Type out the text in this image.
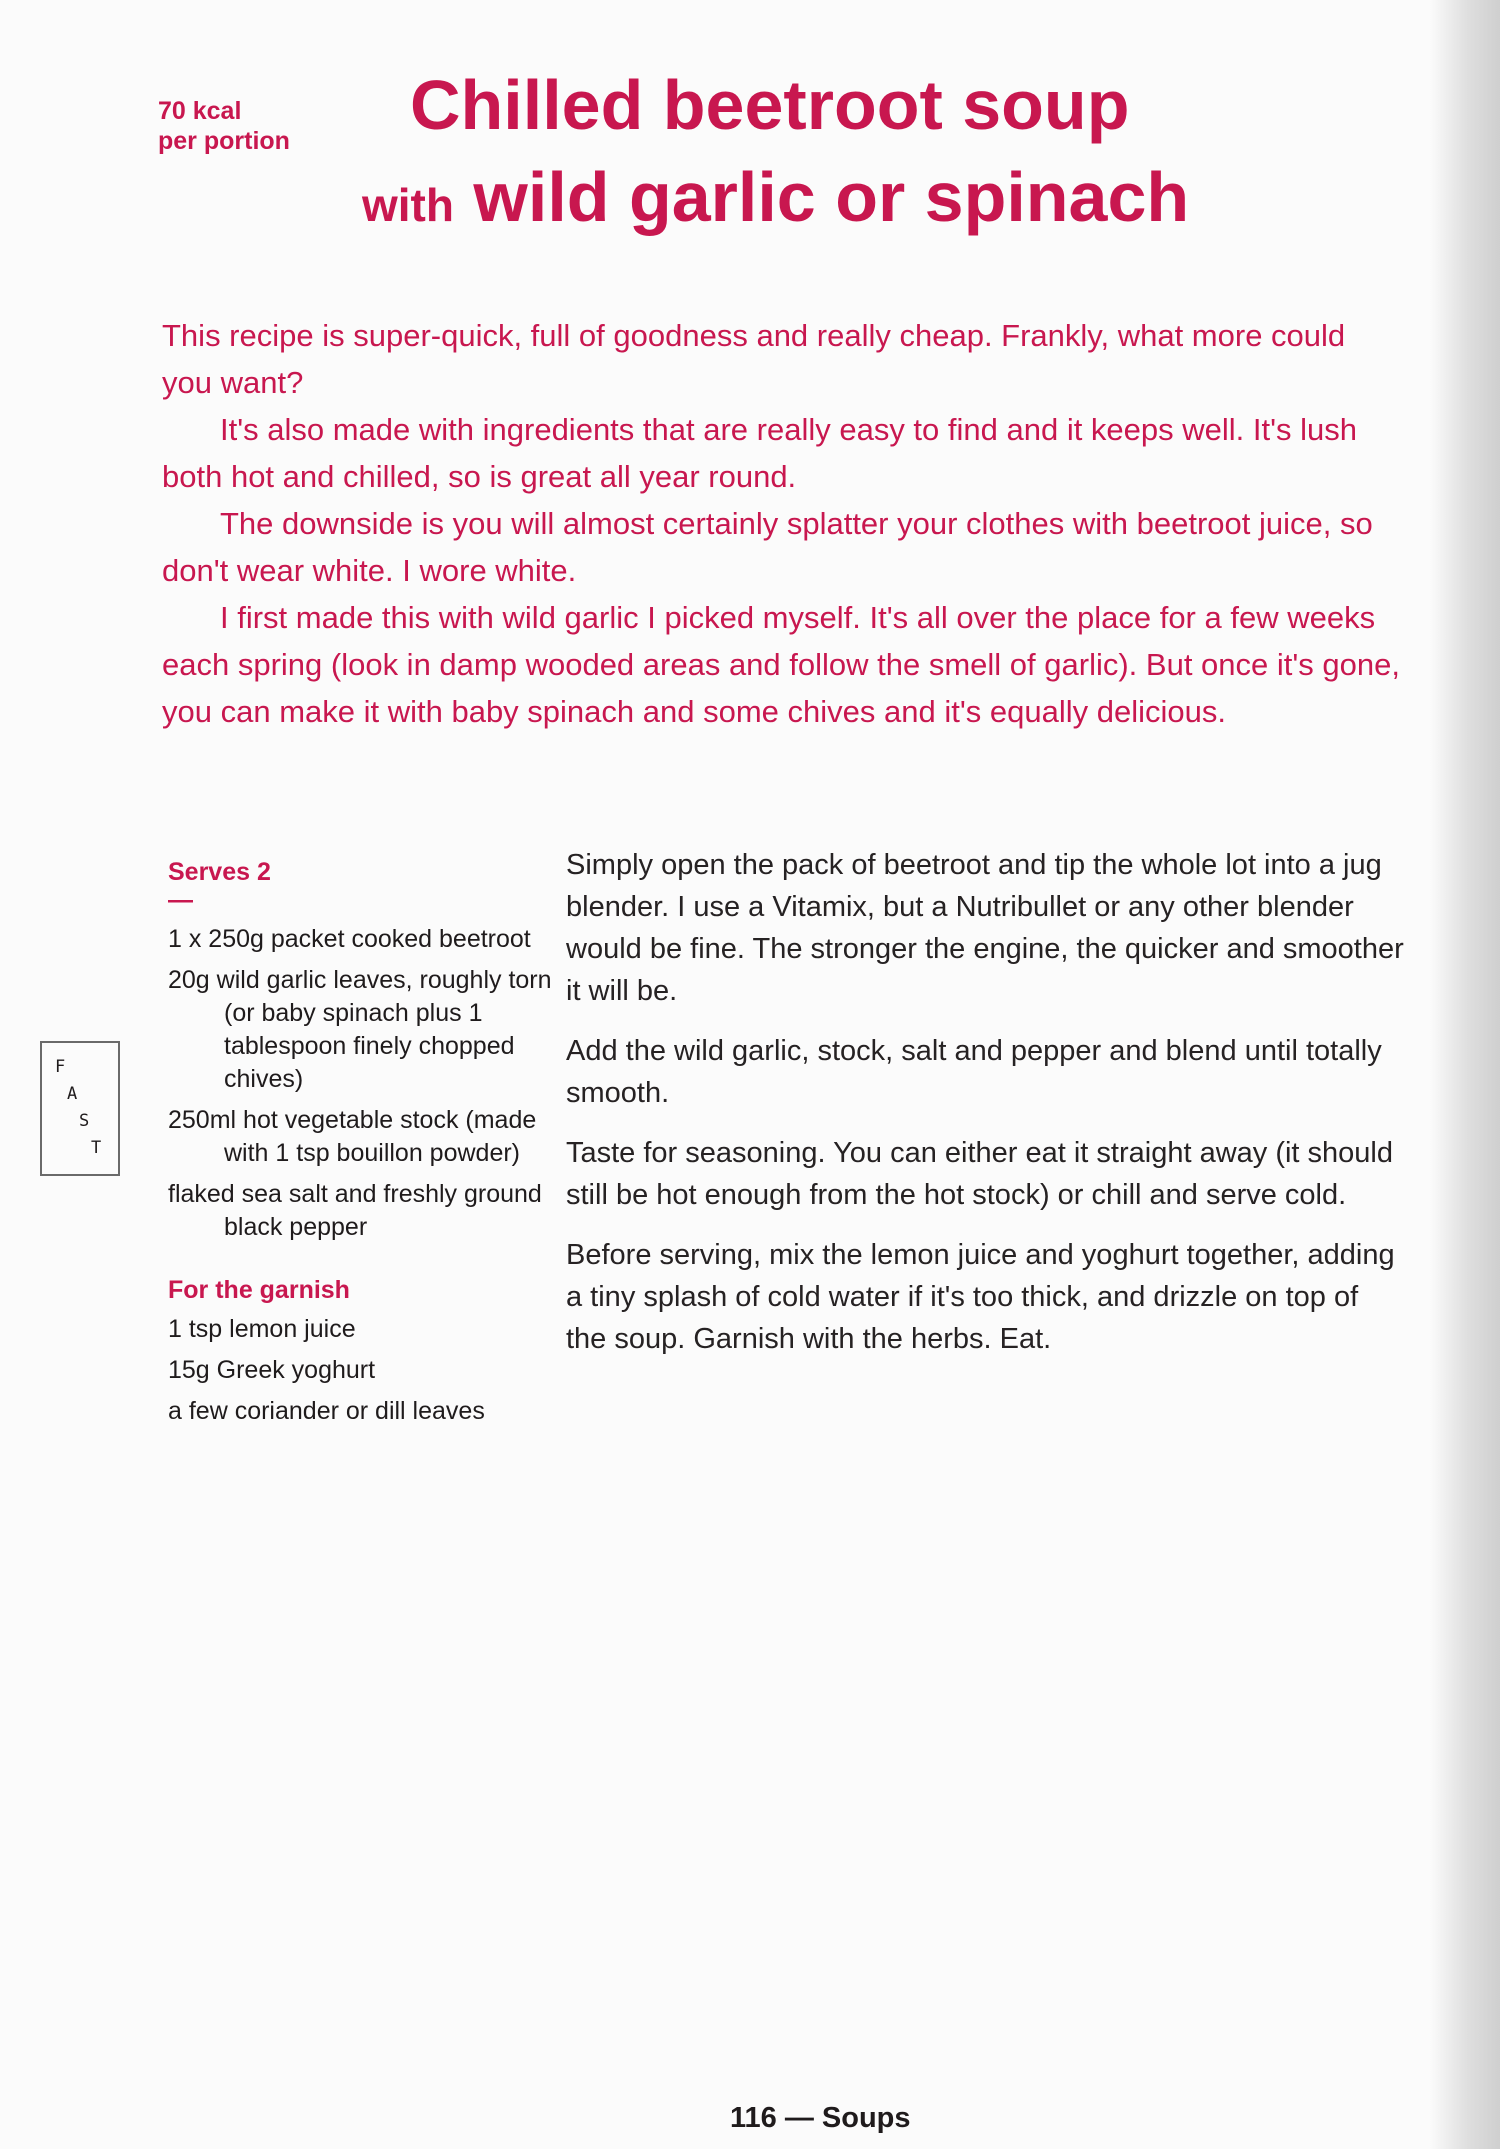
70 kcal
per portion Chilled beetroot soup
with wild garlic or spinach

This recipe is super-quick, full of goodness and really cheap. Frankly, what more could you want?

It's also made with ingredients that are really easy to find and it keeps well. It's lush both hot and chilled, so is great all year round.

The downside is you will almost certainly splatter your clothes with beetroot juice, so don't wear white. I wore white.

I first made this with wild garlic I picked myself. It's all over the place for a few weeks each spring (look in damp wooded areas and follow the smell of garlic). But once it's gone, you can make it with baby spinach and some chives and it's equally delicious.

F
A
S
T
Serves 2
—
1 x 250g packet cooked beetroot
20g wild garlic leaves, roughly torn (or baby spinach plus 1 tablespoon finely chopped chives)
250ml hot vegetable stock (made with 1 tsp bouillon powder)
flaked sea salt and freshly ground black pepper
For the garnish
1 tsp lemon juice
15g Greek yoghurt
a few coriander or dill leaves

Simply open the pack of beetroot and tip the whole lot into a jug blender. I use a Vitamix, but a Nutribullet or any other blender would be fine. The stronger the engine, the quicker and smoother it will be.

Add the wild garlic, stock, salt and pepper and blend until totally smooth.

Taste for seasoning. You can either eat it straight away (it should still be hot enough from the hot stock) or chill and serve cold.

Before serving, mix the lemon juice and yoghurt together, adding a tiny splash of cold water if it's too thick, and drizzle on top of the soup. Garnish with the herbs. Eat.

116 — Soups
